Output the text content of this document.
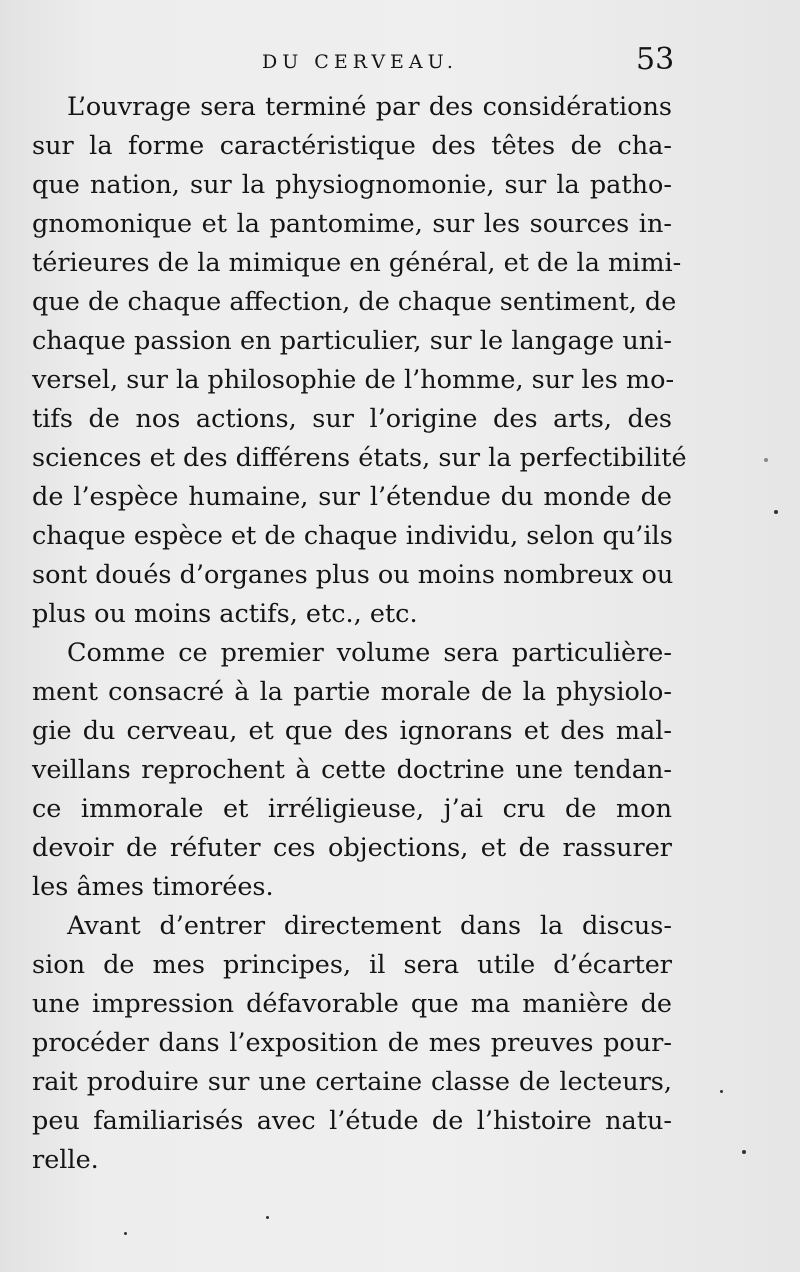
DU CERVEAU.	53
L’ouvrage sera terminé par des considérations
sur la forme caractéristique des têtes de cha-
que nation, sur la physiognomonie, sur la patho-
gnomonique et la pantomime, sur les sources in-
térieures de la mimique en général, et de la mimi-
que de chaque affection, de chaque sentiment, de
chaque passion en particulier, sur le langage uni-
versel, sur la philosophie de l’homme, sur les mo-
tifs de nos actions, sur l’origine des arts, des
sciences et des différens états, sur la perfectibilité
de l’espèce humaine, sur l’étendue du monde de
chaque espèce et de chaque individu, selon qu’ils
sont doués d’organes plus ou moins nombreux ou
plus ou moins actifs, etc., etc.
Comme ce premier volume sera particulière-
ment consacré à la partie morale de la physiolo-
gie du cerveau, et que des ignorans et des mal-
veillans reprochent à cette doctrine une tendan-
ce immorale et irréligieuse, j’ai cru de mon
devoir de réfuter ces objections, et de rassurer
les âmes timorées.
Avant d’entrer directement dans la discus-
sion de mes principes, il sera utile d’écarter
une impression défavorable que ma manière de
procéder dans l’exposition de mes preuves pour-
rait produire sur une certaine classe de lecteurs,
peu familiarisés avec l’étude de l’histoire natu-
relle.
